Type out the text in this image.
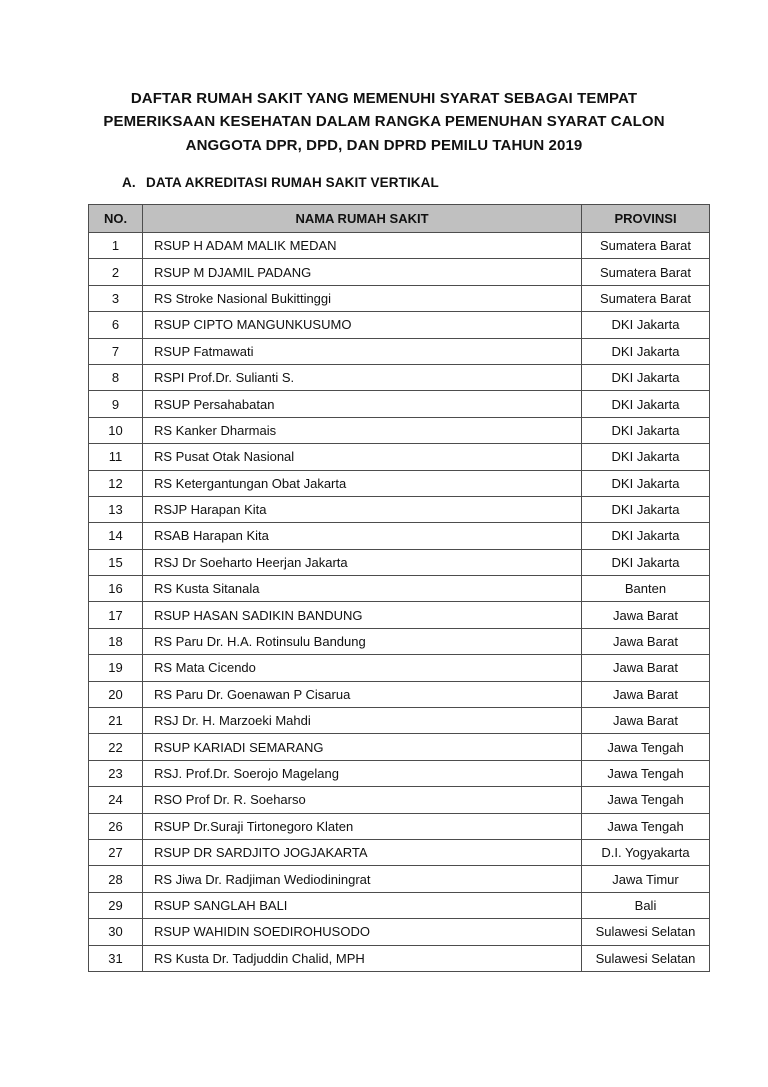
DAFTAR RUMAH SAKIT YANG MEMENUHI SYARAT SEBAGAI TEMPAT
PEMERIKSAAN KESEHATAN DALAM RANGKA PEMENUHAN SYARAT CALON
ANGGOTA DPR, DPD, DAN DPRD PEMILU TAHUN 2019
A. DATA AKREDITASI RUMAH SAKIT VERTIKAL
NO.	NAMA RUMAH SAKIT	PROVINSI
1	RSUP H ADAM MALIK MEDAN	Sumatera Barat
2	RSUP M DJAMIL PADANG	Sumatera Barat
3	RS Stroke Nasional Bukittinggi	Sumatera Barat
6	RSUP CIPTO MANGUNKUSUMO	DKI Jakarta
7	RSUP Fatmawati	DKI Jakarta
8	RSPI Prof.Dr. Sulianti S.	DKI Jakarta
9	RSUP Persahabatan	DKI Jakarta
10	RS Kanker Dharmais	DKI Jakarta
11	RS Pusat Otak Nasional	DKI Jakarta
12	RS Ketergantungan Obat Jakarta	DKI Jakarta
13	RSJP Harapan Kita	DKI Jakarta
14	RSAB Harapan Kita	DKI Jakarta
15	RSJ Dr Soeharto Heerjan Jakarta	DKI Jakarta
16	RS Kusta Sitanala	Banten
17	RSUP HASAN SADIKIN BANDUNG	Jawa Barat
18	RS Paru Dr. H.A. Rotinsulu Bandung	Jawa Barat
19	RS Mata Cicendo	Jawa Barat
20	RS Paru Dr. Goenawan P Cisarua	Jawa Barat
21	RSJ Dr. H. Marzoeki Mahdi	Jawa Barat
22	RSUP KARIADI SEMARANG	Jawa Tengah
23	RSJ. Prof.Dr. Soerojo Magelang	Jawa Tengah
24	RSO Prof Dr. R. Soeharso	Jawa Tengah
26	RSUP Dr.Suraji Tirtonegoro Klaten	Jawa Tengah
27	RSUP DR SARDJITO JOGJAKARTA	D.I. Yogyakarta
28	RS Jiwa Dr. Radjiman Wediodiningrat	Jawa Timur
29	RSUP SANGLAH BALI	Bali
30	RSUP WAHIDIN SOEDIROHUSODO	Sulawesi Selatan
31	RS Kusta Dr. Tadjuddin Chalid, MPH	Sulawesi Selatan
